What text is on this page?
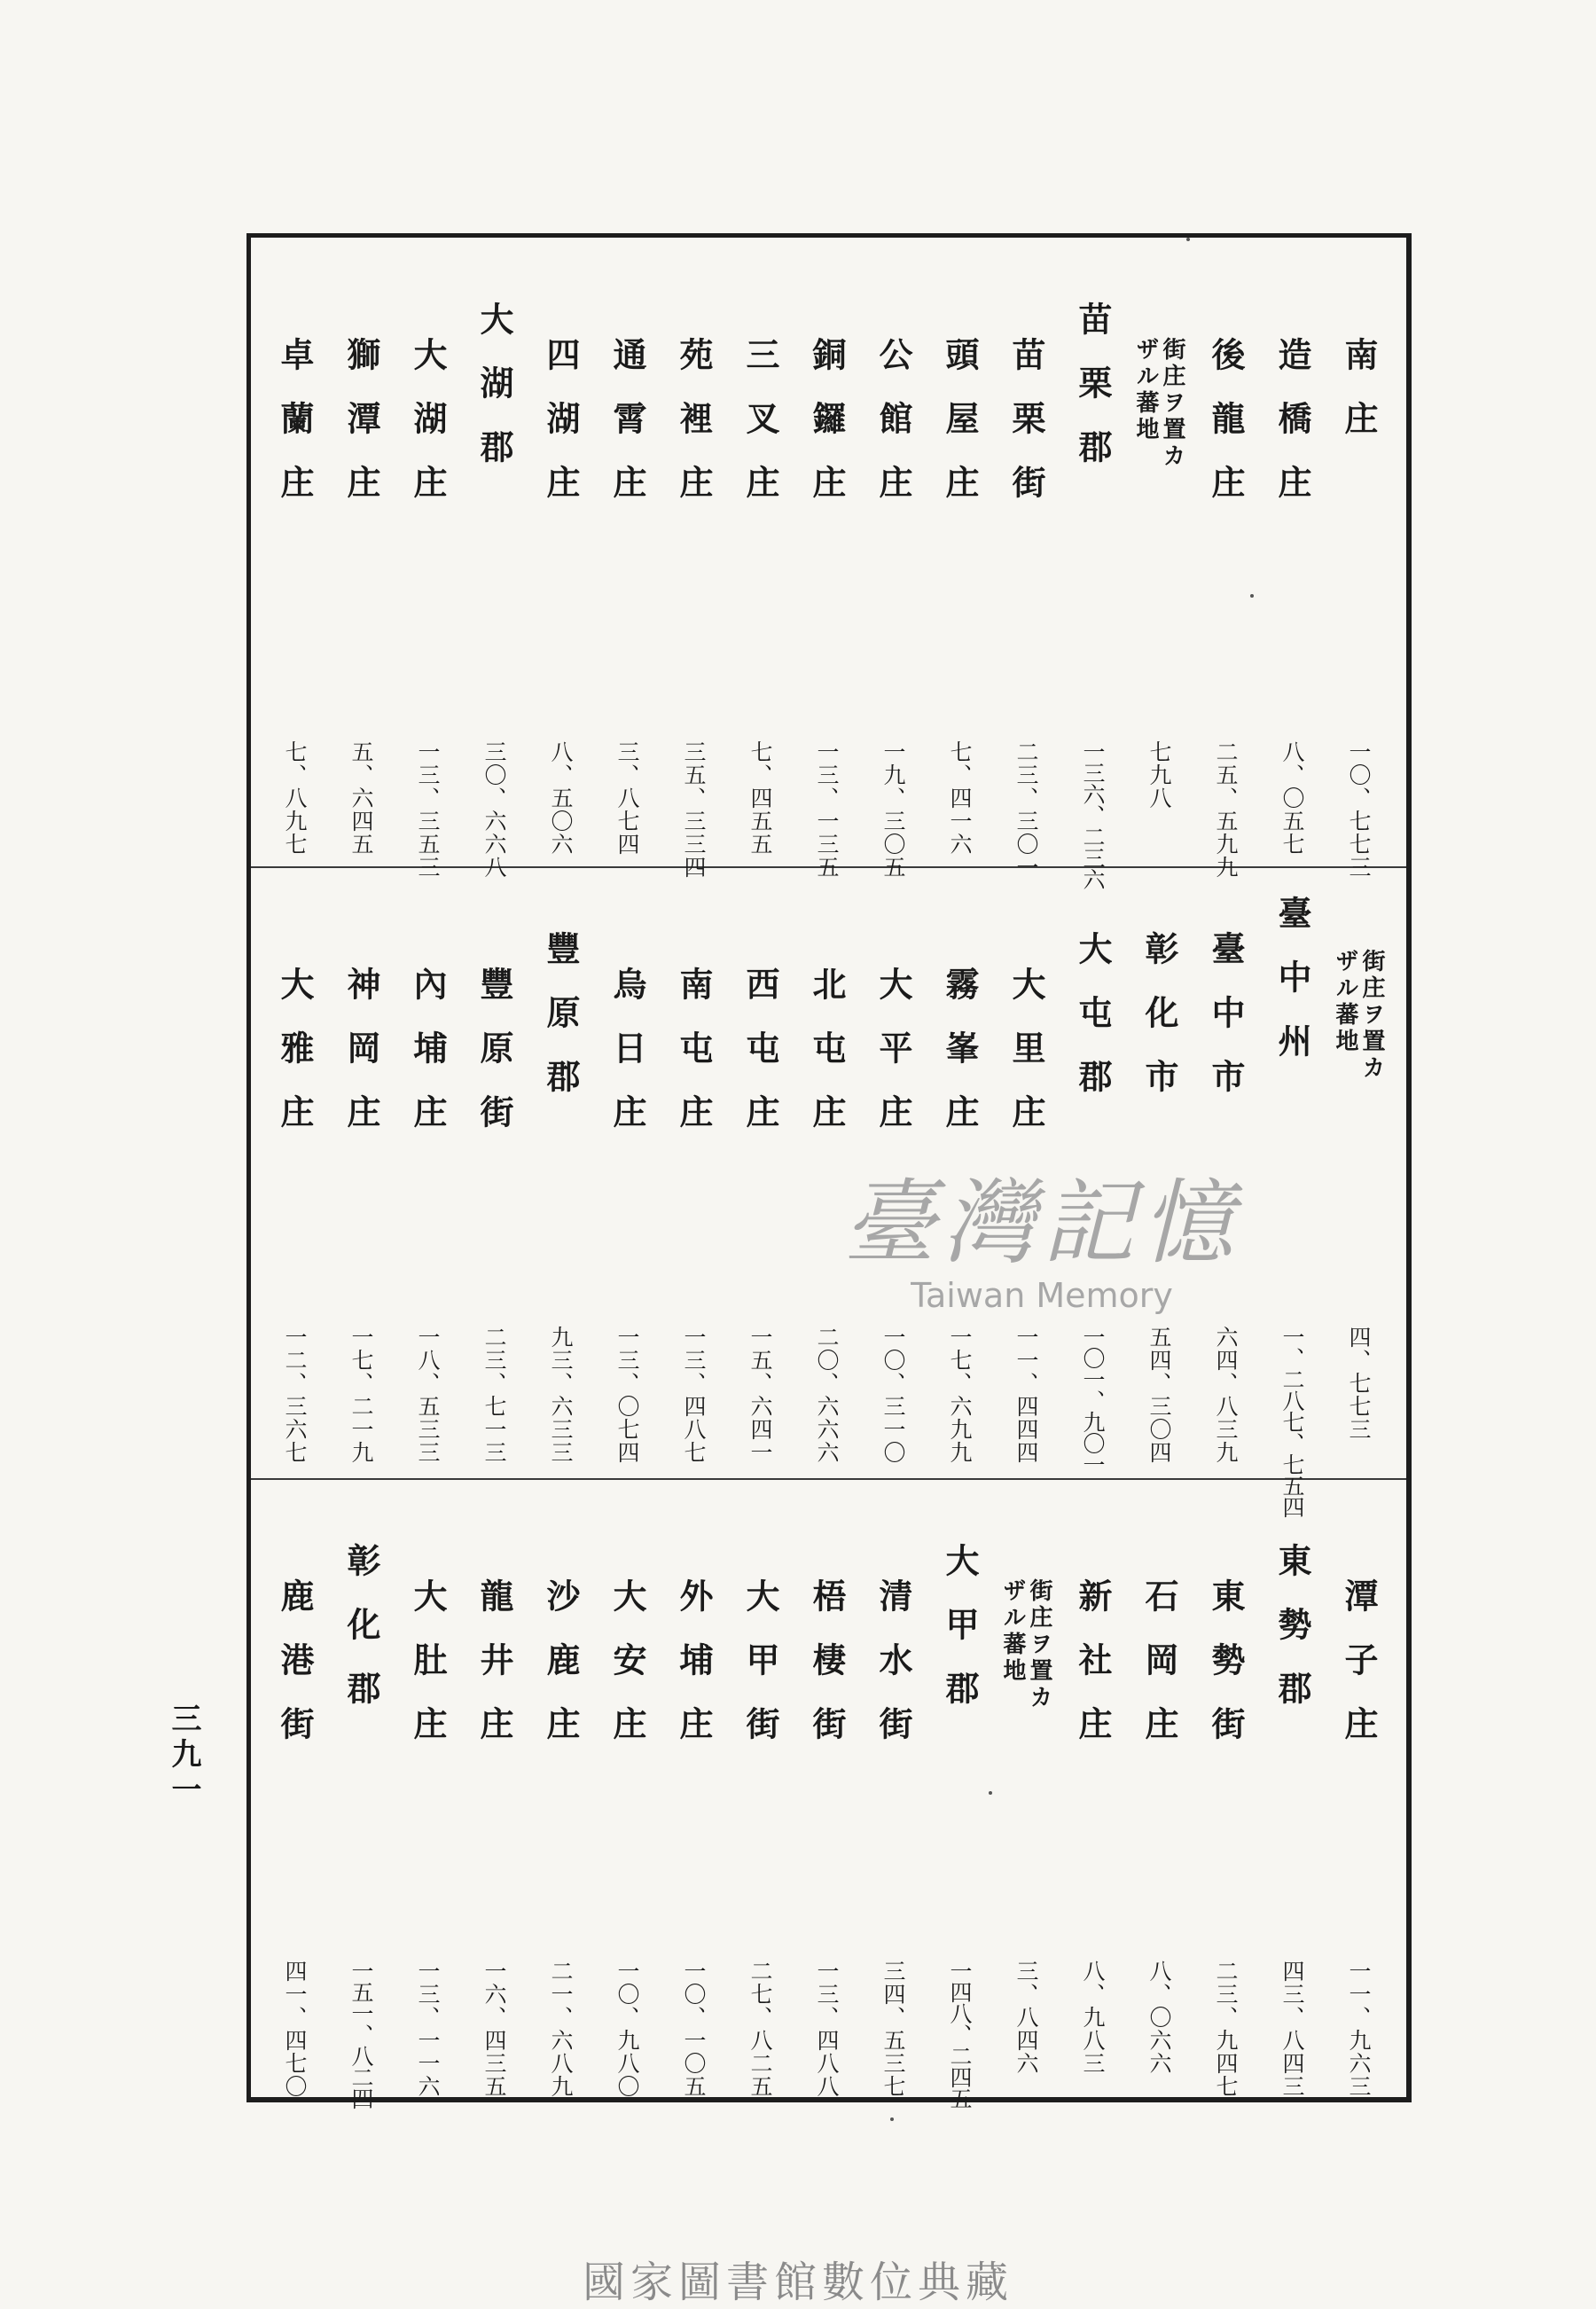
南庄
一〇、七七三
造橋庄
八、〇五七
後龍庄
二五、五九九
街庄ヲ置カ
ザル蕃地
七九八
苗栗郡
一三六、二三六
苗栗街
二三、三〇一
頭屋庄
七、四一六
公館庄
一九、三〇五
銅鑼庄
一三、一三五
三叉庄
七、四五五
苑裡庄
三五、三三四
通霄庄
三、八七四
四湖庄
八、五〇六
大湖郡
三〇、六六八
大湖庄
一三、三五三
獅潭庄
五、六四五
卓蘭庄
七、八九七
街庄ヲ置カ
ザル蕃地
四、七七三
臺中州
一、二八七、七五四
臺中市
六四、八三九
彰化市
五四、三〇四
大屯郡
一〇一、九〇一
大里庄
一一、四四四
霧峯庄
一七、六九九
大平庄
一〇、三一〇
北屯庄
二〇、六六六
西屯庄
一五、六四一
南屯庄
一三、四八七
烏日庄
一三、〇七四
豐原郡
九三、六三三
豐原街
二三、七一三
內埔庄
一八、五三三
神岡庄
一七、二一九
大雅庄
一二、三六七
潭子庄
一一、九六三
東勢郡
四三、八四三
東勢街
二三、九四七
石岡庄
八、〇六六
新社庄
八、九八三
街庄ヲ置カ
ザル蕃地
三、八四六
大甲郡
一四八、二四五
清水街
三四、五三七
梧棲街
一三、四八八
大甲街
二七、八二五
外埔庄
一〇、一〇五
大安庄
一〇、九八〇
沙鹿庄
二一、六八九
龍井庄
一六、四三五
大肚庄
一三、一一六
彰化郡
一五一、八二四
鹿港街
四一、四七〇
三九一
臺灣記憶
Taiwan Memory
國家圖書館數位典藏
